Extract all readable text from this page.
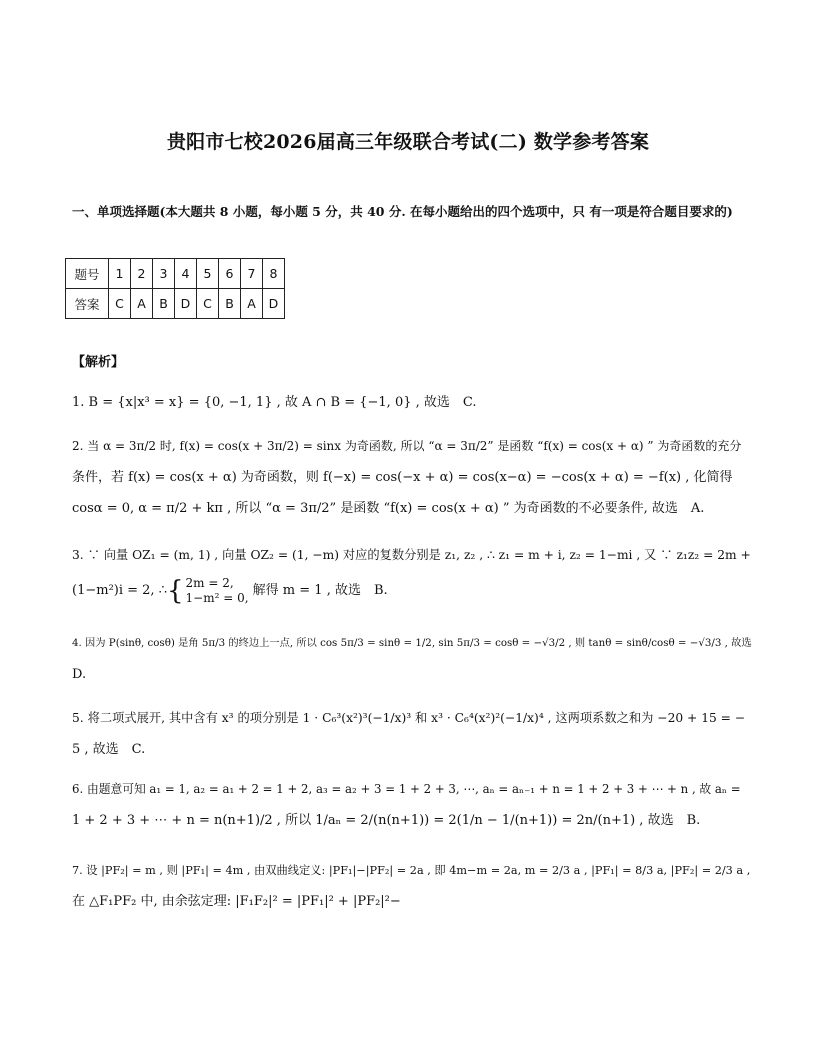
贵阳市七校2026届高三年级联合考试(二) 数学参考答案
一、单项选择题(本大题共 8 小题，每小题 5 分，共 40 分. 在每小题给出的四个选项中，只 有一项是符合题目要求的)
题号	1	2	3	4	5	6	7	8
答案	C	A	B	D	C	B	A	D
【解析】

1. B = {x|x³ = x} = {0, −1, 1} , 故 A ∩ B = {−1, 0} , 故选　C.

2. 当 α = 3π/2 时, f(x) = cos(x + 3π/2) = sinx 为奇函数, 所以 “α = 3π/2” 是函数 “f(x) = cos(x + α) ” 为奇函数的充分

条件，若 f(x) = cos(x + α) 为奇函数，则 f(−x) = cos(−x + α) = cos(x−α) = −cos(x + α) = −f(x) , 化简得

cosα = 0, α = π/2 + kπ , 所以 “α = 3π/2” 是函数 “f(x) = cos(x + α) ” 为奇函数的不必要条件, 故选　A.

3. ∵ 向量 OZ₁ = (m, 1) , 向量 OZ₂ = (1, −m) 对应的复数分别是 z₁, z₂ , ∴ z₁ = m + i, z₂ = 1−mi , 又 ∵ z₁z₂ = 2m +

(1−m²)i = 2, ∴{ 2m = 2,
1−m² = 0, 解得 m = 1 , 故选　B.

4. 因为 P(sinθ, cosθ) 是角 5π/3 的终边上一点, 所以 cos 5π/3 = sinθ = 1/2, sin 5π/3 = cosθ = −√3/2 , 则 tanθ = sinθ/cosθ = −√3/3 , 故选

D.

5. 将二项式展开, 其中含有 x³ 的项分别是 1 · C₆³(x²)³(−1/x)³ 和 x³ · C₆⁴(x²)²(−1/x)⁴ , 这两项系数之和为 −20 + 15 = −

5 , 故选　C.

6. 由题意可知 a₁ = 1, a₂ = a₁ + 2 = 1 + 2, a₃ = a₂ + 3 = 1 + 2 + 3, ⋯, aₙ = aₙ₋₁ + n = 1 + 2 + 3 + ⋯ + n , 故 aₙ =

1 + 2 + 3 + ⋯ + n = n(n+1)/2 , 所以 1/aₙ = 2/(n(n+1)) = 2(1/n − 1/(n+1)) = 2n/(n+1) , 故选　B.

7. 设 |PF₂| = m , 则 |PF₁| = 4m , 由双曲线定义: |PF₁|−|PF₂| = 2a , 即 4m−m = 2a, m = 2/3 a , |PF₁| = 8/3 a, |PF₂| = 2/3 a ,

在 △F₁PF₂ 中, 由余弦定理: |F₁F₂|² = |PF₁|² + |PF₂|²−
